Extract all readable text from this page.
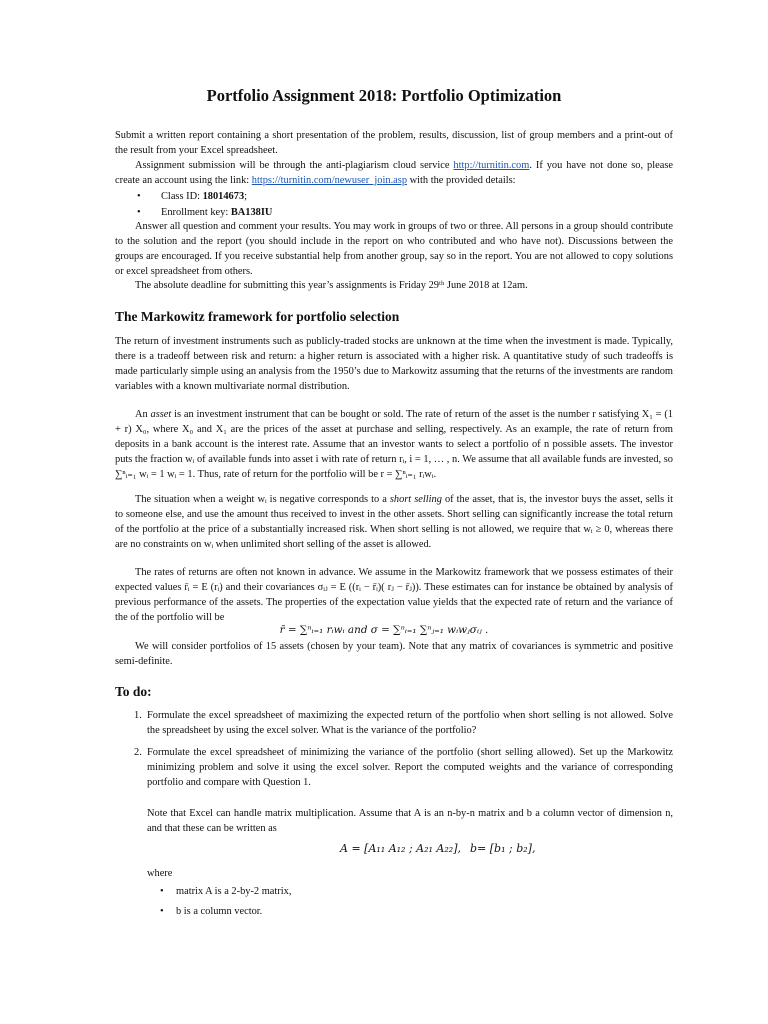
Portfolio Assignment 2018: Portfolio Optimization

Submit a written report containing a short presentation of the problem, results, discussion, list of group members and a print-out of the result from your Excel spreadsheet.

Assignment submission will be through the anti-plagiarism cloud service http://turnitin.com. If you have not done so, please create an account using the link: https://turnitin.com/newuser_join.asp with the provided details:

• Class ID: 18014673;
• Enrollment key: BA138IU

Answer all question and comment your results. You may work in groups of two or three. All persons in a group should contribute to the solution and the report (you should include in the report on who contributed and who have not). Discussions between the groups are encouraged. If you receive substantial help from another group, say so in the report. You are not allowed to copy solutions or excel spreadsheet from others.

The absolute deadline for submitting this year’s assignments is Friday 29ᵗʰ June 2018 at 12am.

The Markowitz framework for portfolio selection

The return of investment instruments such as publicly-traded stocks are unknown at the time when the investment is made. Typically, there is a tradeoff between risk and return: a higher return is associated with a higher risk. A quantitative study of such tradeoffs is made particularly simple using an analysis from the 1950’s due to Markowitz assuming that the returns of the investments are random variables with a known multivariate normal distribution.

An asset is an investment instrument that can be bought or sold. The rate of return of the asset is the number r satisfying X₁ = (1 + r) X₀, where X₀ and X₁ are the prices of the asset at purchase and selling, respectively. As an example, the rate of return from deposits in a bank account is the interest rate. Assume that an investor wants to select a portfolio of n possible assets. The investor puts the fraction wᵢ of available funds into asset i with rate of return rᵢ, i = 1, … , n. We assume that all available funds are invested, so ∑ⁿᵢ₌₁ wᵢ = 1 wᵢ = 1. Thus, rate of return for the portfolio will be r = ∑ⁿᵢ₌₁ rᵢwᵢ.

The situation when a weight wᵢ is negative corresponds to a short selling of the asset, that is, the investor buys the asset, sells it to someone else, and use the amount thus received to invest in the other assets. Short selling can significantly increase the total return of the portfolio at the price of a substantially increased risk. When short selling is not allowed, we require that wᵢ ≥ 0, whereas there are no constraints on wᵢ when unlimited short selling of the asset is allowed.

The rates of returns are often not known in advance. We assume in the Markowitz framework that we possess estimates of their expected values r̄ᵢ = E (rᵢ) and their covariances σᵢⱼ = E ((rᵢ − r̄ᵢ)( rⱼ − r̄ⱼ)). These estimates can for instance be obtained by analysis of previous performance of the assets. The properties of the expectation value yields that the expected rate of return and the variance of the of the portfolio will be

r̄ = ∑ⁿᵢ₌₁ rᵢwᵢ and σ = ∑ⁿᵢ₌₁ ∑ⁿⱼ₌₁ wᵢwⱼσᵢⱼ .

We will consider portfolios of 15 assets (chosen by your team). Note that any matrix of covariances is symmetric and positive semi-definite.

To do:
1. Formulate the excel spreadsheet of maximizing the expected return of the portfolio when short selling is not allowed. Solve the spreadsheet by using the excel solver. What is the variance of the portfolio?
2. Formulate the excel spreadsheet of minimizing the variance of the portfolio (short selling allowed). Set up the Markowitz minimizing problem and solve it using the excel solver. Report the computed weights and the variance of corresponding portfolio and compare with Question 1.

Note that Excel can handle matrix multiplication. Assume that A is an n-by-n matrix and b a column vector of dimension n, and that these can be written as

A = [A₁₁ A₁₂ ; A₂₁ A₂₂], b= [b₁ ; b₂],
where
• matrix A is a 2-by-2 matrix,
• b is a column vector.
